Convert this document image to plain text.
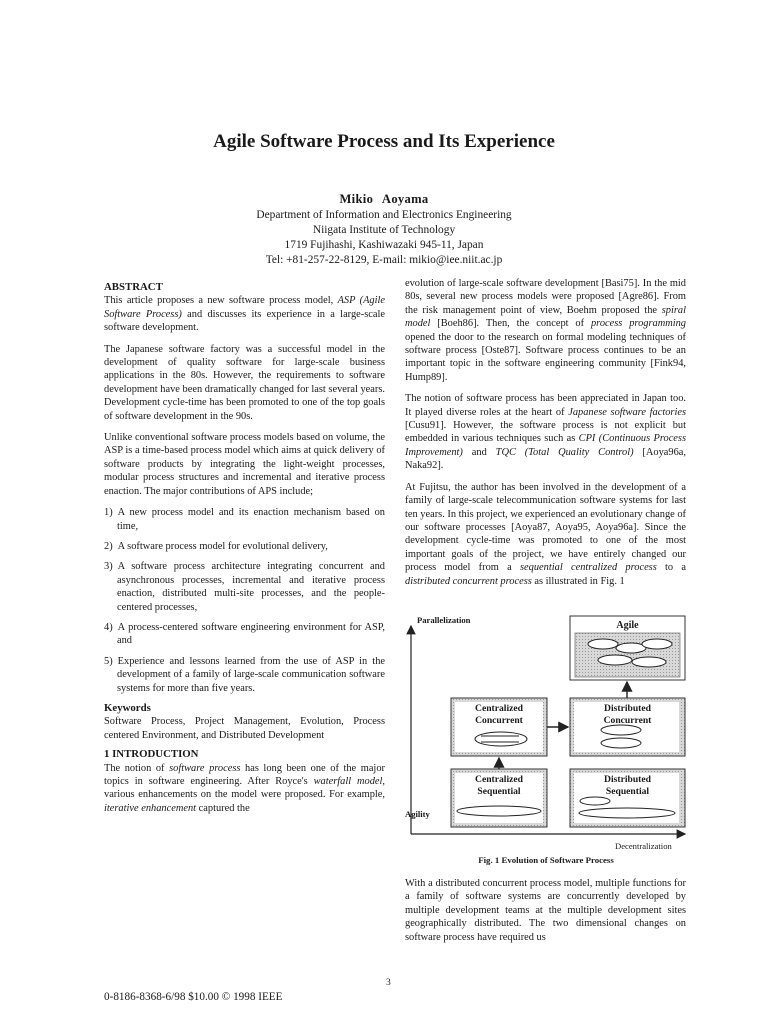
Agile Software Process and Its Experience
Mikio Aoyama
Department of Information and Electronics Engineering
Niigata Institute of Technology
1719 Fujihashi, Kashiwazaki 945-11, Japan
Tel: +81-257-22-8129, E-mail: mikio@iee.niit.ac.jp
ABSTRACT

This article proposes a new software process model, ASP (Agile Software Process) and discusses its experience in a large-scale software development.

The Japanese software factory was a successful model in the development of quality software for large-scale business applications in the 80s. However, the requirements to software development have been dramatically changed for last several years. Development cycle-time has been promoted to one of the top goals of software development in the 90s.

Unlike conventional software process models based on volume, the ASP is a time-based process model which aims at quick delivery of software products by integrating the light-weight processes, modular process structures and incremental and iterative process enaction. The major contributions of APS include;

1) A new process model and its enaction mechanism based on time,
2) A software process model for evolutional delivery,
3) A software process architecture integrating concurrent and asynchronous processes, incremental and iterative process enaction, distributed multi-site processes, and the people-centered processes,
4) A process-centered software engineering environment for ASP, and
5) Experience and lessons learned from the use of ASP in the development of a family of large-scale communication software systems for more than five years.
Keywords

Software Process, Project Management, Evolution, Process centered Environment, and Distributed Development

1 INTRODUCTION

The notion of software process has long been one of the major topics in software engineering. After Royce's waterfall model, various enhancements on the model were proposed. For example, iterative enhancement captured the

evolution of large-scale software development [Basi75]. In the mid 80s, several new process models were proposed [Agre86]. From the risk management point of view, Boehm proposed the spiral model [Boeh86]. Then, the concept of process programming opened the door to the research on formal modeling techniques of software process [Oste87]. Software process continues to be an important topic in the software engineering community [Fink94, Hump89].

The notion of software process has been appreciated in Japan too. It played diverse roles at the heart of Japanese software factories [Cusu91]. However, the software process is not explicit but embedded in various techniques such as CPI (Continuous Process Improvement) and TQC (Total Quality Control) [Aoya96a, Naka92].

At Fujitsu, the author has been involved in the development of a family of large-scale telecommunication software systems for last ten years. In this project, we experienced an evolutionary change of our software processes [Aoya87, Aoya95, Aoya96a]. Since the development cycle-time was promoted to one of the most important goals of the project, we have entirely changed our process model from a sequential centralized process to a distributed concurrent process as illustrated in Fig. 1

Parallelization
Decentralization
Agility
Agile
Centralized
Concurrent
Distributed
Concurrent
Centralized
Sequential
Distributed
Sequential
Fig. 1 Evolution of Software Process

With a distributed concurrent process model, multiple functions for a family of software systems are concurrently developed by multiple development teams at the multiple development sites geographically distributed. The two dimensional changes on software process have required us

3
0-8186-8368-6/98 $10.00 © 1998 IEEE
